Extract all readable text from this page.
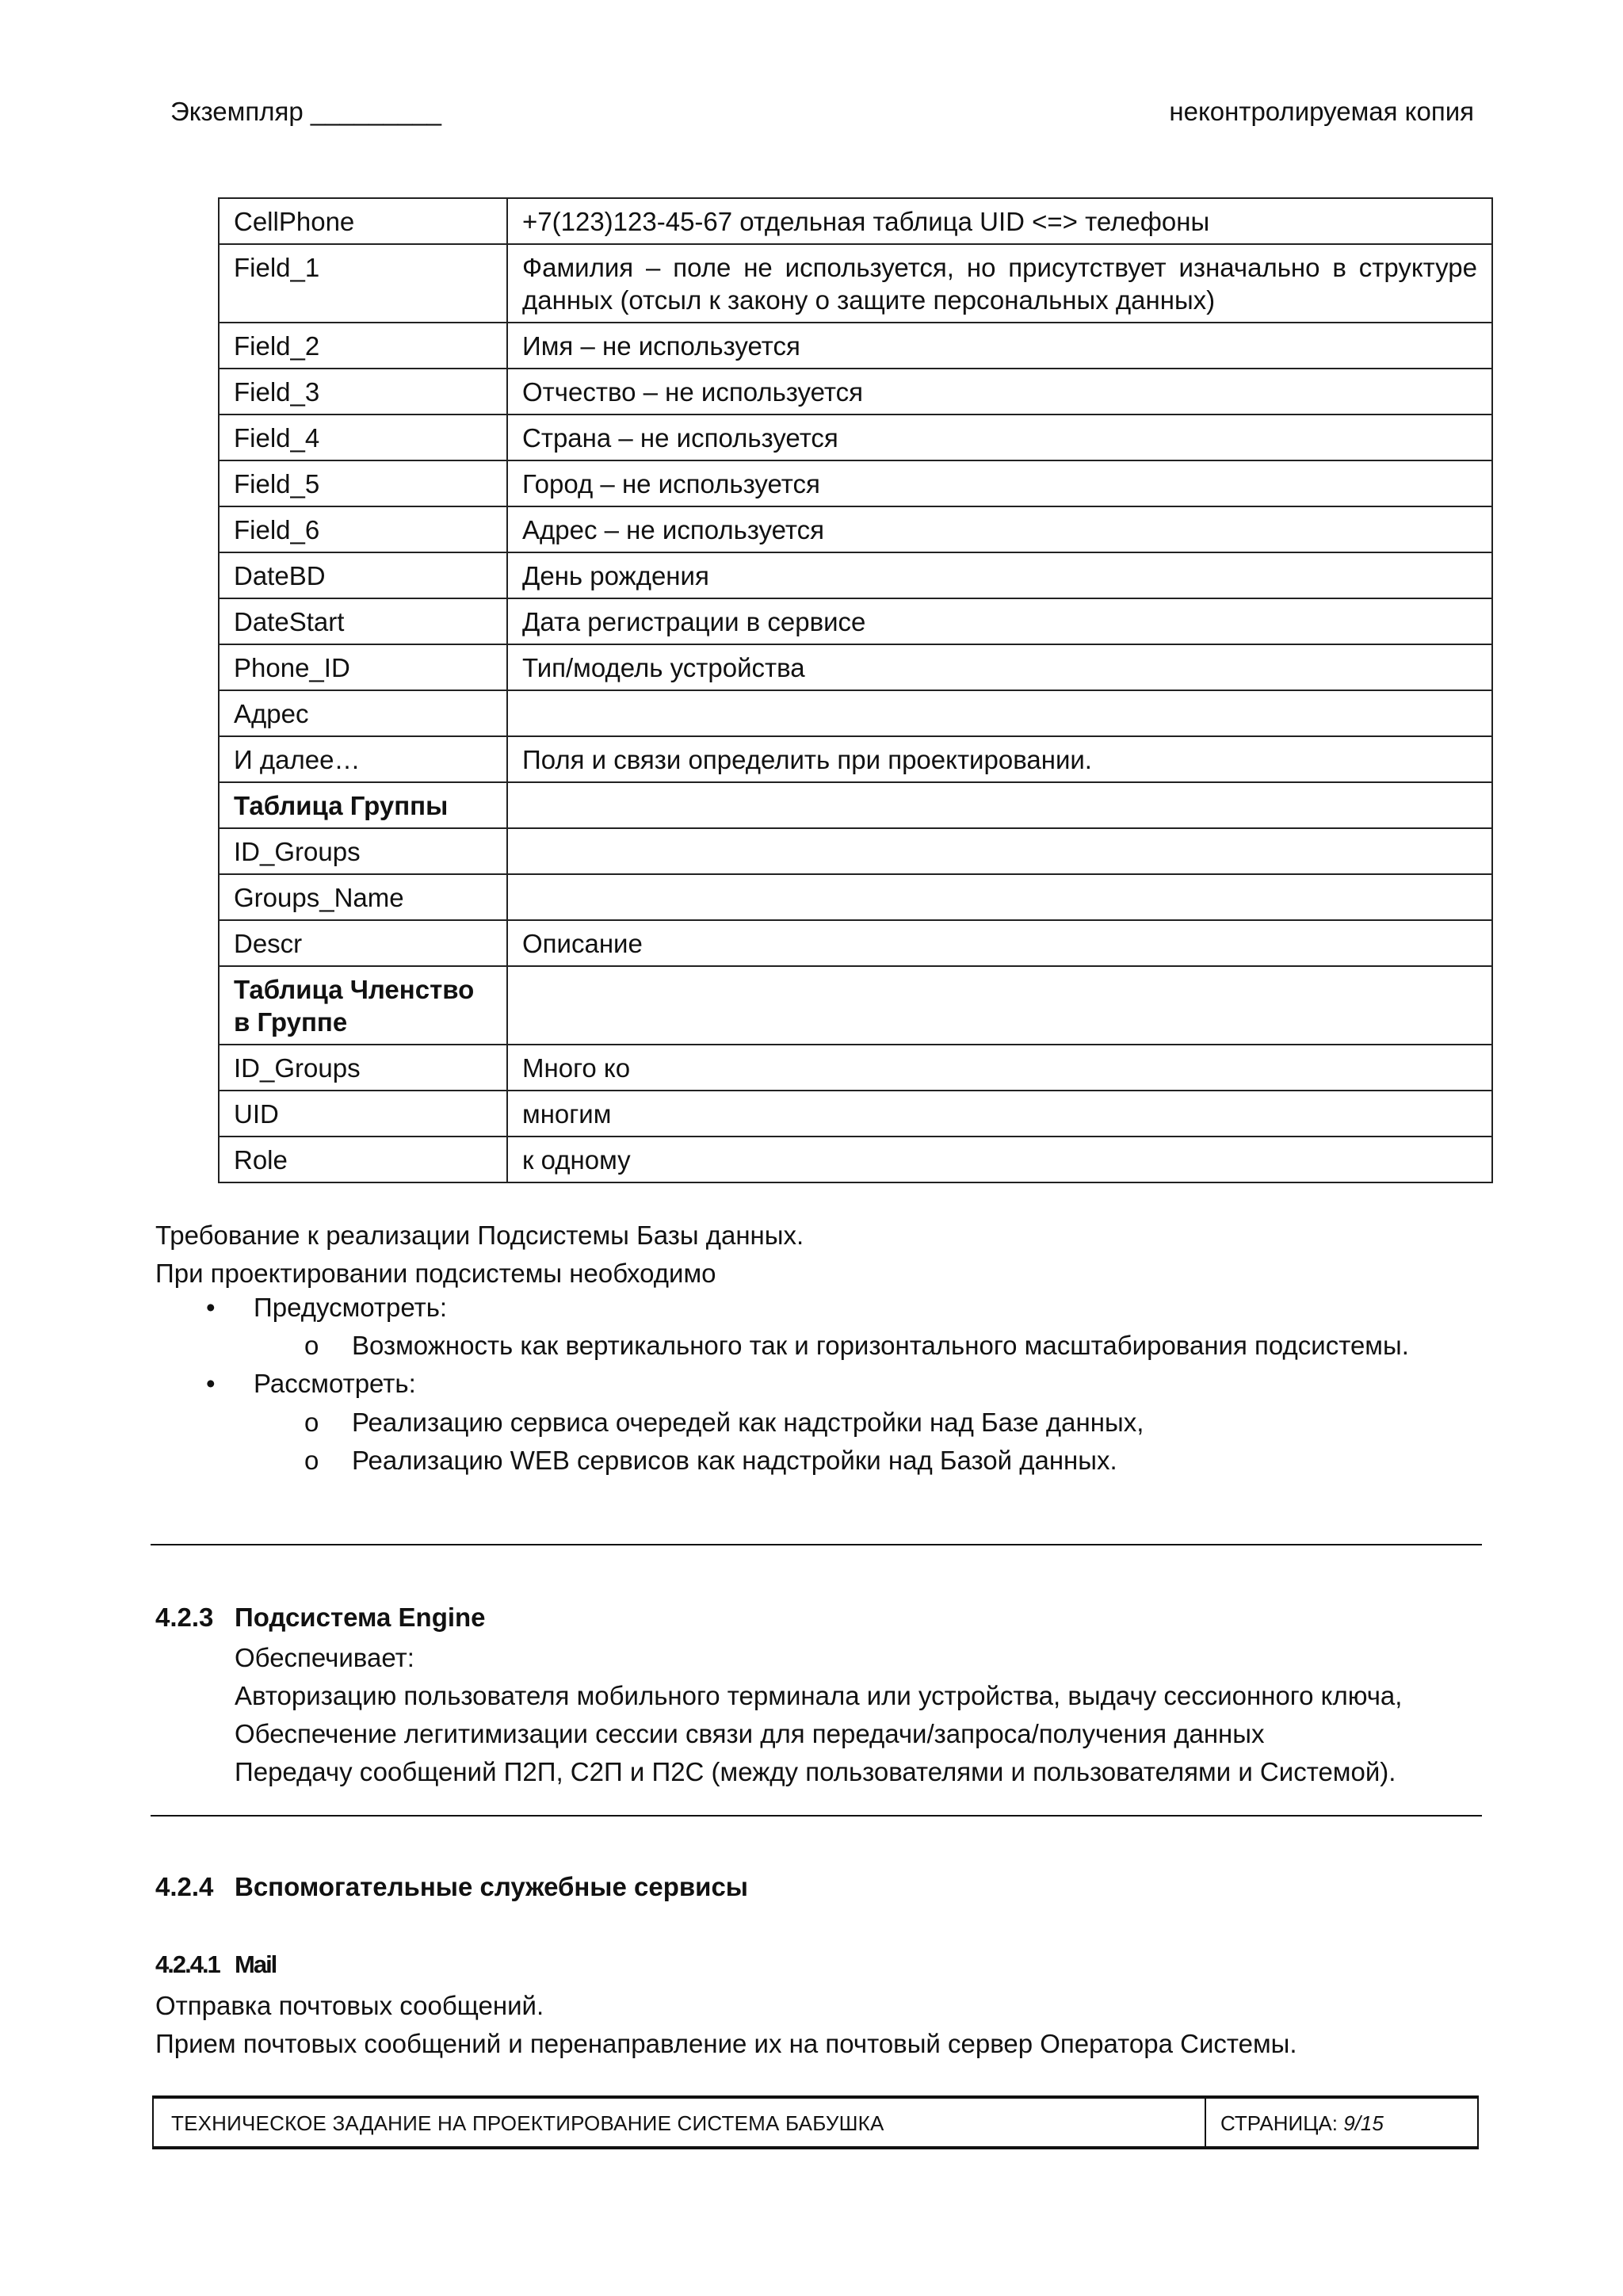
Экземпляр _________	неконтролируемая копия
CellPhone	+7(123)123-45-67 отдельная таблица UID <=> телефоны
Field_1	Фамилия – поле не используется, но присутствует изначально в структуре данных (отсыл к закону о защите персональных данных)
Field_2	Имя – не используется
Field_3	Отчество – не используется
Field_4	Страна – не используется
Field_5	Город – не используется
Field_6	Адрес – не используется
DateBD	День рождения
DateStart	Дата регистрации в сервисе
Phone_ID	Тип/модель устройства
Адрес	
И далее…	Поля и связи определить при проектировании.
Таблица Группы	
ID_Groups	
Groups_Name	
Descr	Описание
Таблица Членство в Группе	
ID_Groups	Много ко
UID	многим
Role	к одному

Требование к реализации Подсистемы Базы данных.

При проектировании подсистемы необходимо

• Предусмотреть:
o Возможность как вертикального так и горизонтального масштабирования подсистемы.
• Рассмотреть:
o Реализацию сервиса очередей как надстройки над Базе данных,
o Реализацию WEB сервисов как надстройки над Базой данных.
4.2.3 Подсистема Engine
Обеспечивает:
Авторизацию пользователя мобильного терминала или устройства, выдачу сессионного ключа,
Обеспечение легитимизации сессии связи для передачи/запроса/получения данных
Передачу сообщений П2П, С2П и П2С (между пользователями и пользователями и Системой).
4.2.4 Вспомогательные служебные сервисы
4.2.4.1 Mail
Отправка почтовых сообщений.
Прием почтовых сообщений и перенаправление их на почтовый сервер Оператора Системы.
ТЕХНИЧЕСКОЕ ЗАДАНИЕ НА ПРОЕКТИРОВАНИЕ СИСТЕМА БАБУШКА	СТРАНИЦА: 9/15
